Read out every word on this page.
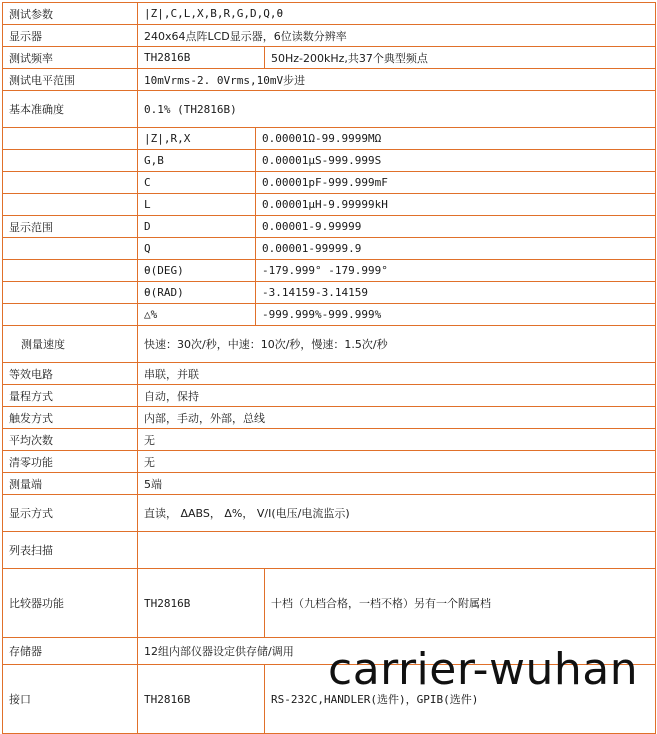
测试参数	|Z|,C,L,X,B,R,G,D,Q,θ		
显示器	240x64点阵LCD显示器，6位读数分辨率		
测试频率	TH2816B		50Hz-200kHz,共37个典型频点
测试电平范围	10mVrms-2. 0Vrms,10mV步进		
基本准确度	0.1% (TH2816B)		
	|Z|,R,X	0.00001Ω-99.9999MΩ	
	G,B	0.00001μS-999.999S	
	C	0.00001pF-999.999mF	
	L	0.00001μH-9.99999kH	
显示范围	D	0.00001-9.99999	
	Q	0.00001-99999.9	
	θ(DEG)	-179.999° -179.999°	
	θ(RAD)	-3.14159-3.14159	
	△%	-999.999%-999.999%	
测量速度	快速：30次/秒，中速：10次/秒，慢速：1.5次/秒		
等效电路	串联，并联		
量程方式	自动，保持		
触发方式	内部，手动，外部，总线		
平均次数	无		
清零功能	无		
测量端	5端		
显示方式	直读， ΔABS， Δ%， V/I(电压/电流监示)		
列表扫描			
比较器功能	TH2816B		十档（九档合格，一档不格）另有一个附属档
存储器	12组内部仪器设定供存储/调用		
接口	TH2816B		RS-232C,HANDLER(选件)，GPIB(选件)
carrier-wuhan
